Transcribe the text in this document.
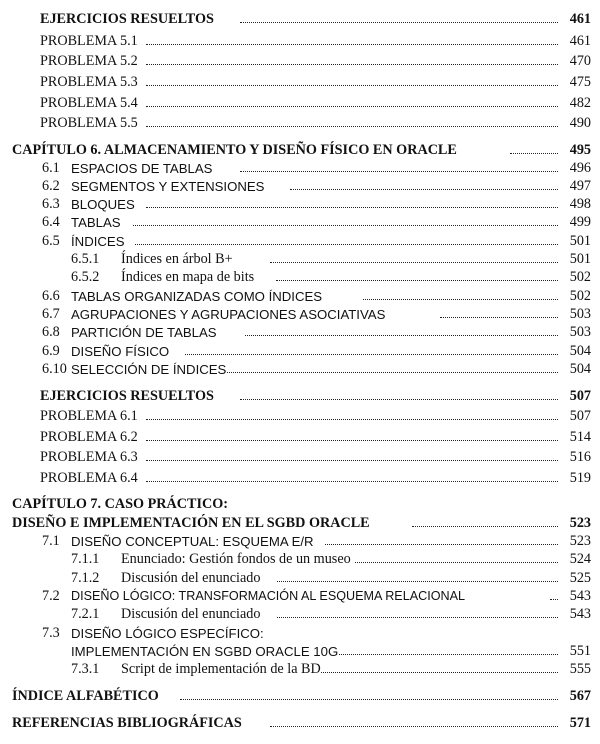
EJERCICIOS RESUELTOS	461
PROBLEMA 5.1	461
PROBLEMA 5.2	470
PROBLEMA 5.3	475
PROBLEMA 5.4	482
PROBLEMA 5.5	490
CAPÍTULO 6. ALMACENAMIENTO Y DISEÑO FÍSICO EN ORACLE	495
6.1 ESPACIOS DE TABLAS	496
6.2 SEGMENTOS Y EXTENSIONES	497
6.3 BLOQUES	498
6.4 TABLAS	499
6.5 ÍNDICES	501
6.5.1 Índices en árbol B+	501
6.5.2 Índices en mapa de bits	502
6.6 TABLAS ORGANIZADAS COMO ÍNDICES	502
6.7 AGRUPACIONES Y AGRUPACIONES ASOCIATIVAS	503
6.8 PARTICIÓN DE TABLAS	503
6.9 DISEÑO FÍSICO	504
6.10 SELECCIÓN DE ÍNDICES	504
EJERCICIOS RESUELTOS	507
PROBLEMA 6.1	507
PROBLEMA 6.2	514
PROBLEMA 6.3	516
PROBLEMA 6.4	519
CAPÍTULO 7. CASO PRÁCTICO:
DISEÑO E IMPLEMENTACIÓN EN EL SGBD ORACLE	523
7.1 DISEÑO CONCEPTUAL: ESQUEMA E/R	523
7.1.1 Enunciado: Gestión fondos de un museo	524
7.1.2 Discusión del enunciado	525
7.2 DISEÑO LÓGICO: TRANSFORMACIÓN AL ESQUEMA RELACIONAL	543
7.2.1 Discusión del enunciado	543
7.3 DISEÑO LÓGICO ESPECÍFICO:
IMPLEMENTACIÓN EN SGBD ORACLE 10G	551
7.3.1 Script de implementación de la BD	555
ÍNDICE ALFABÉTICO	567
REFERENCIAS BIBLIOGRÁFICAS	571
